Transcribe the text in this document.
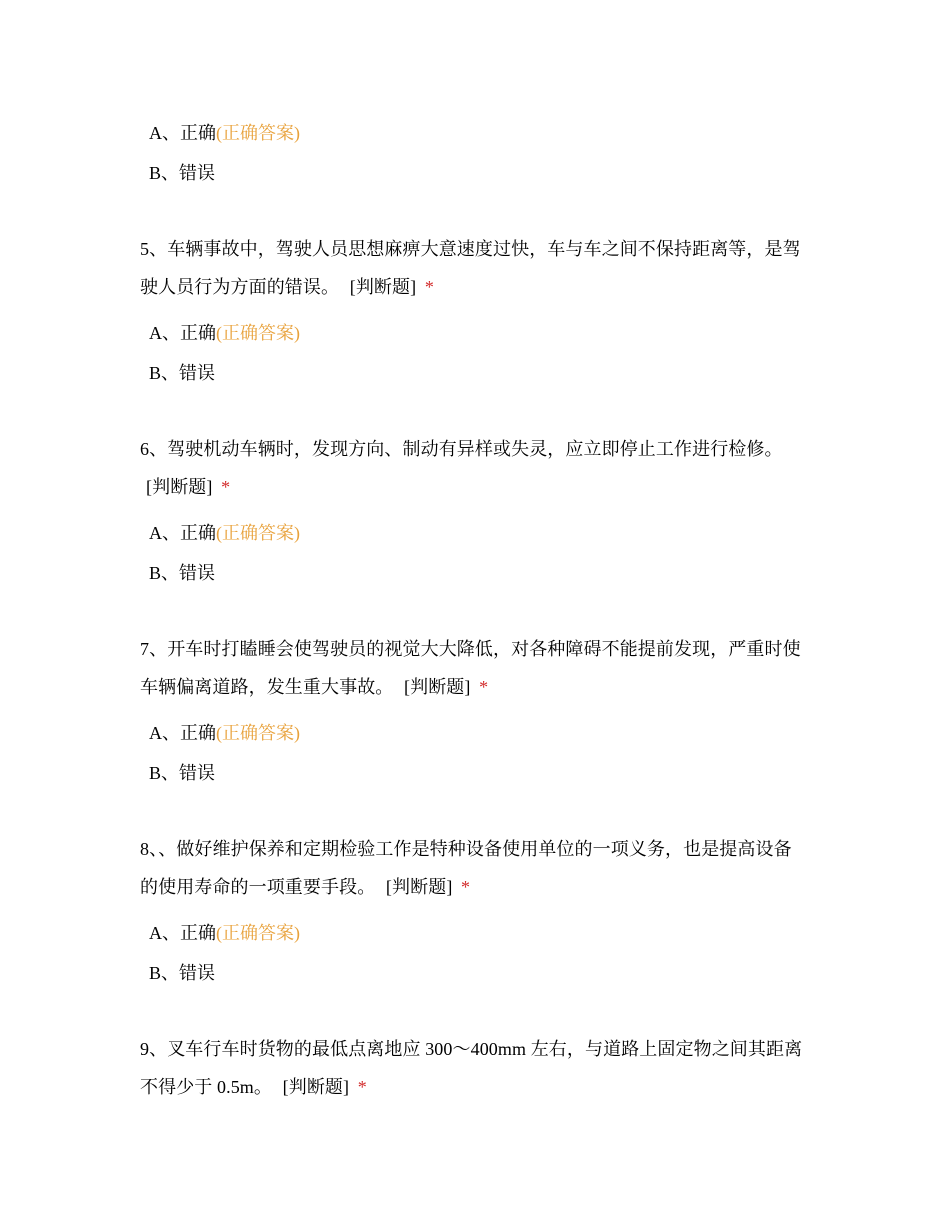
A、正确(正确答案)
B、错误
5、车辆事故中，驾驶人员思想麻痹大意速度过快，车与车之间不保持距离等，是驾驶人员行为方面的错误。 [判断题] *
A、正确(正确答案)
B、错误
6、驾驶机动车辆时，发现方向、制动有异样或失灵，应立即停止工作进行检修。 [判断题] *
A、正确(正确答案)
B、错误
7、开车时打瞌睡会使驾驶员的视觉大大降低，对各种障碍不能提前发现，严重时使车辆偏离道路，发生重大事故。 [判断题] *
A、正确(正确答案)
B、错误
8、、做好维护保养和定期检验工作是特种设备使用单位的一项义务，也是提高设备的使用寿命的一项重要手段。 [判断题] *
A、正确(正确答案)
B、错误
9、叉车行车时货物的最低点离地应 300～400mm 左右，与道路上固定物之间其距离不得少于 0.5m。 [判断题] *
